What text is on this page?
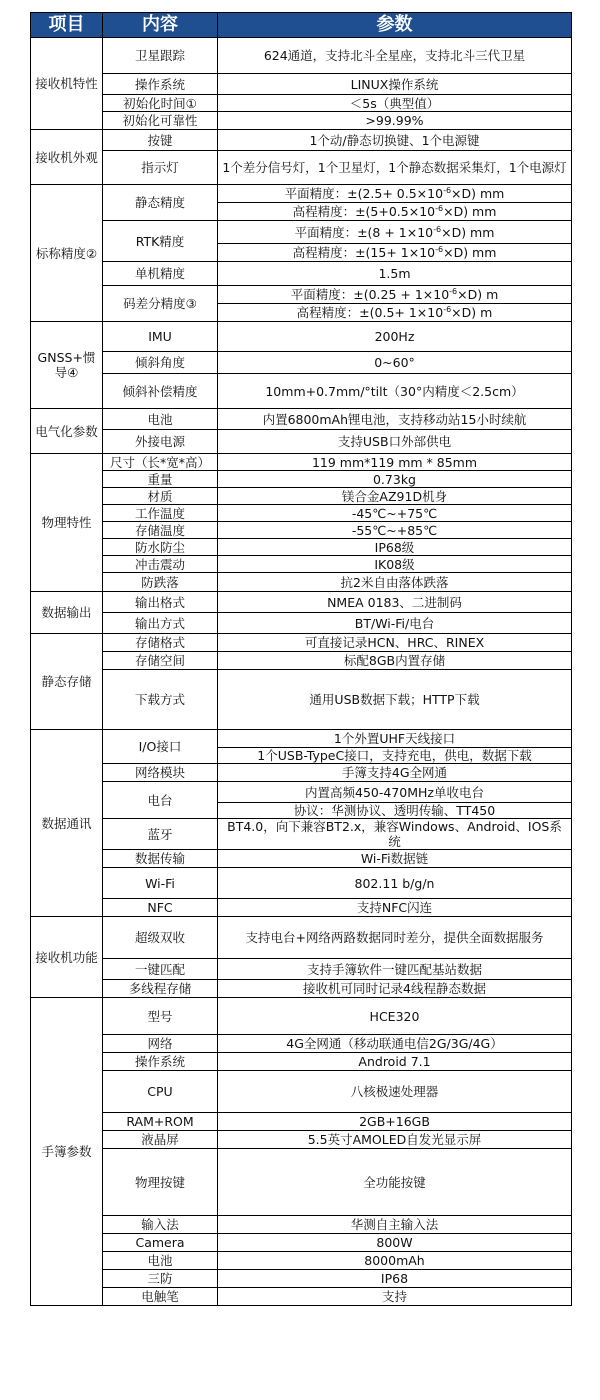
项目	内容	参数
接收机特性	卫星跟踪	624通道，支持北斗全星座，支持北斗三代卫星
	操作系统	LINUX操作系统
	初始化时间①	＜5s（典型值）
	初始化可靠性	>99.99%
接收机外观	按键	1个动/静态切换键、1个电源键
	指示灯	1个差分信号灯，1个卫星灯，1个静态数据采集灯，1个电源灯
标称精度②	静态精度	平面精度：$\pm(2.5+ 0.5\times 10^{-6}\times D)$ mm
		高程精度：$\pm(5+0.5\times 10^{-6}\times D)$ mm
	RTK精度	平面精度：$\pm(8 + 1\times 10^{-6}\times D)$ mm
		高程精度：$\pm(15+ 1\times 10^{-6}\times D)$ mm
	单机精度	1.5m
	码差分精度③	平面精度：$\pm(0.25 + 1\times 10^{-6}\times D)$ m
		高程精度：$\pm(0.5+ 1\times 10^{-6}\times D)$ m
GNSS+惯导④	IMU	200Hz
	倾斜角度	0~60°
	倾斜补偿精度	10mm+0.7mm/°tilt（30°内精度＜2.5cm）
电气化参数	电池	内置6800mAh锂电池，支持移动站15小时续航
	外接电源	支持USB口外部供电
物理特性	尺寸（长*宽*高）	119 mm*119 mm * 85mm
	重量	0.73kg
	材质	镁合金AZ91D机身
	工作温度	-45℃~+75℃
	存储温度	-55℃~+85℃
	防水防尘	IP68级
	冲击震动	IK08级
	防跌落	抗2米自由落体跌落
数据输出	输出格式	NMEA 0183、二进制码
	输出方式	BT/Wi-Fi/电台
静态存储	存储格式	可直接记录HCN、HRC、RINEX
	存储空间	标配8GB内置存储
	下载方式	通用USB数据下载；HTTP下载
数据通讯	I/O接口	1个外置UHF天线接口
		1个USB-TypeC接口，支持充电，供电，数据下载
	网络模块	手簿支持4G全网通
	电台	内置高频450-470MHz单收电台
		协议：华测协议、透明传输、TT450
	蓝牙	BT4.0，向下兼容BT2.x，兼容Windows、Android、IOS系统
	数据传输	Wi-Fi数据链
	Wi-Fi	802.11 b/g/n
	NFC	支持NFC闪连
接收机功能	超级双收	支持电台+网络两路数据同时差分，提供全面数据服务
	一键匹配	支持手簿软件一键匹配基站数据
	多线程存储	接收机可同时记录4线程静态数据
手簿参数	型号	HCE320
	网络	4G全网通（移动联通电信2G/3G/4G）
	操作系统	Android 7.1
	CPU	八核极速处理器
	RAM+ROM	2GB+16GB
	液晶屏	5.5英寸AMOLED自发光显示屏
	物理按键	全功能按键
	输入法	华测自主输入法
	Camera	800W
	电池	8000mAh
	三防	IP68
	电触笔	支持
